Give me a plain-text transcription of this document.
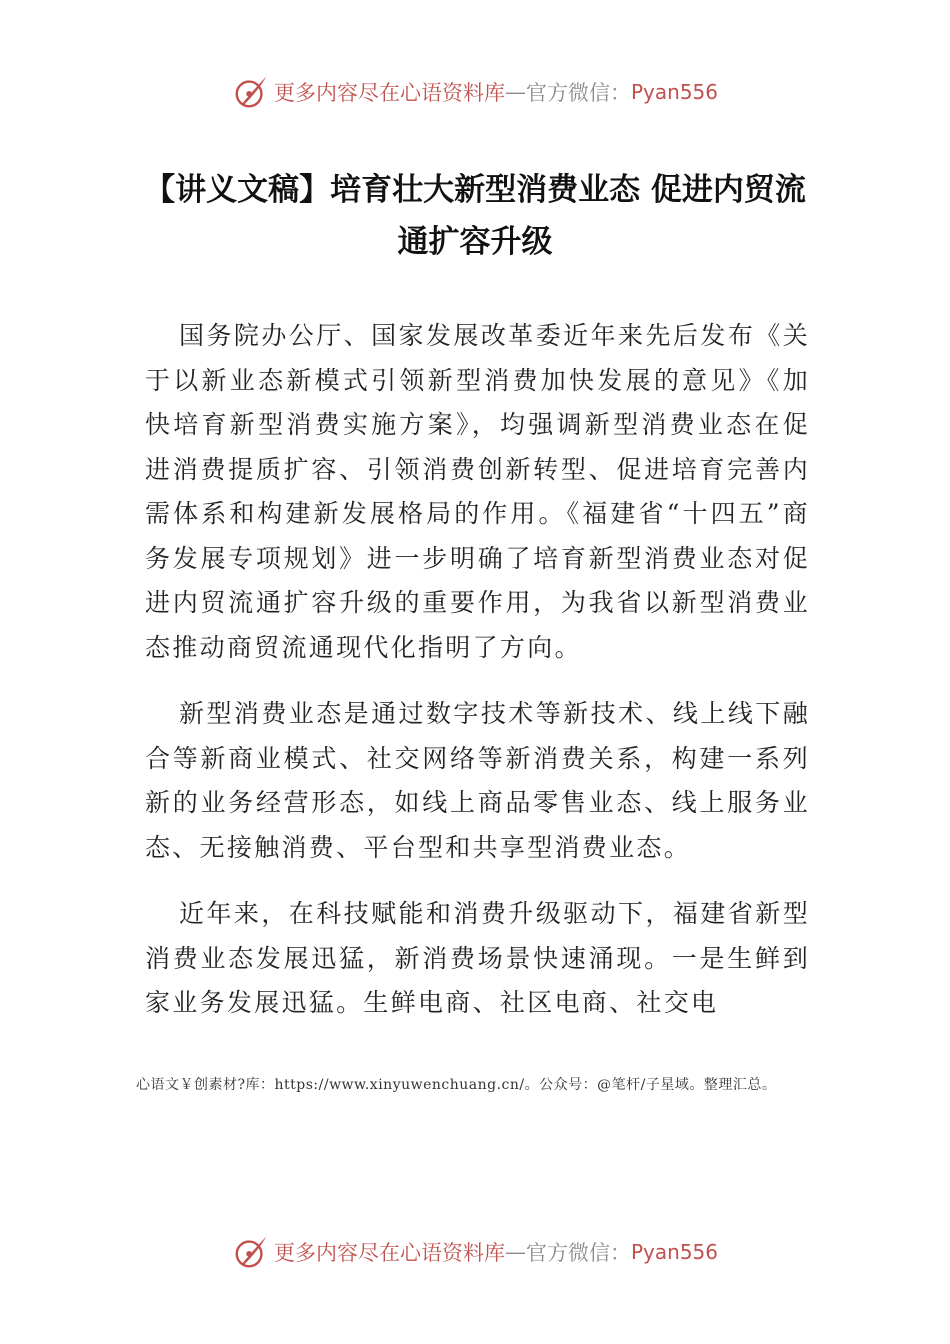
更多内容尽在心语资料库 — 官方微信： Pyan556
【讲义文稿】培育壮大新型消费业态 促进内贸流通扩容升级

国务院办公厅、国家发展改革委近年来先后发布《关于以新业态新模式引领新型消费加快发展的意见》《加快培育新型消费实施方案》，均强调新型消费业态在促进消费提质扩容、引领消费创新转型、促进培育完善内需体系和构建新发展格局的作用。《福建省“十四五”商务发展专项规划》进一步明确了培育新型消费业态对促进内贸流通扩容升级的重要作用，为我省以新型消费业态推动商贸流通现代化指明了方向。

新型消费业态是通过数字技术等新技术、线上线下融合等新商业模式、社交网络等新消费关系，构建一系列新的业务经营形态，如线上商品零售业态、线上服务业态、无接触消费、平台型和共享型消费业态。

近年来，在科技赋能和消费升级驱动下，福建省新型消费业态发展迅猛，新消费场景快速涌现。一是生鲜到家业务发展迅猛。生鲜电商、社区电商、社交电

心语文￥创素材?库：https://www.xinyuwenchuang.cn/。公众号：@笔杆/子星域。整理汇总。

更多内容尽在心语资料库 — 官方微信： Pyan556
